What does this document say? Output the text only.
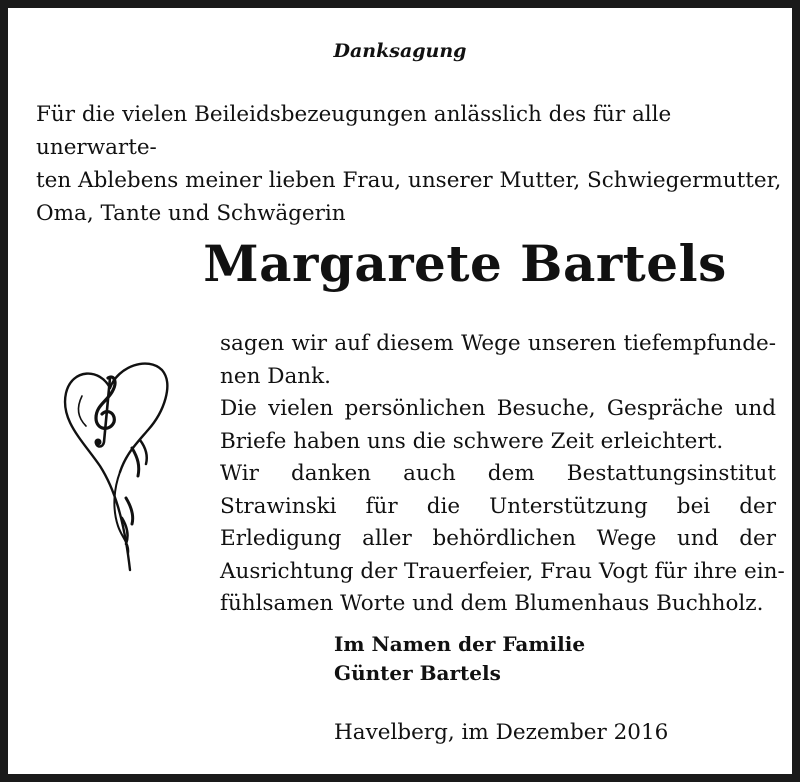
Danksagung
Für die vielen Beileidsbezeugungen anlässlich des für alle unerwarte-
ten Ablebens meiner lieben Frau, unserer Mutter, Schwiegermutter,
Oma, Tante und Schwägerin
Margarete Bartels
sagen wir auf diesem Wege unseren tiefempfunde-
nen Dank.
Die vielen persönlichen Besuche, Gespräche und
Briefe haben uns die schwere Zeit erleichtert.
Wir danken auch dem Bestattungsinstitut
Strawinski für die Unterstützung bei der
Erledigung aller behördlichen Wege und der
Ausrichtung der Trauerfeier, Frau Vogt für ihre ein-
fühlsamen Worte und dem Blumenhaus Buchholz.
Im Namen der Familie
Günter Bartels
Havelberg, im Dezember 2016
